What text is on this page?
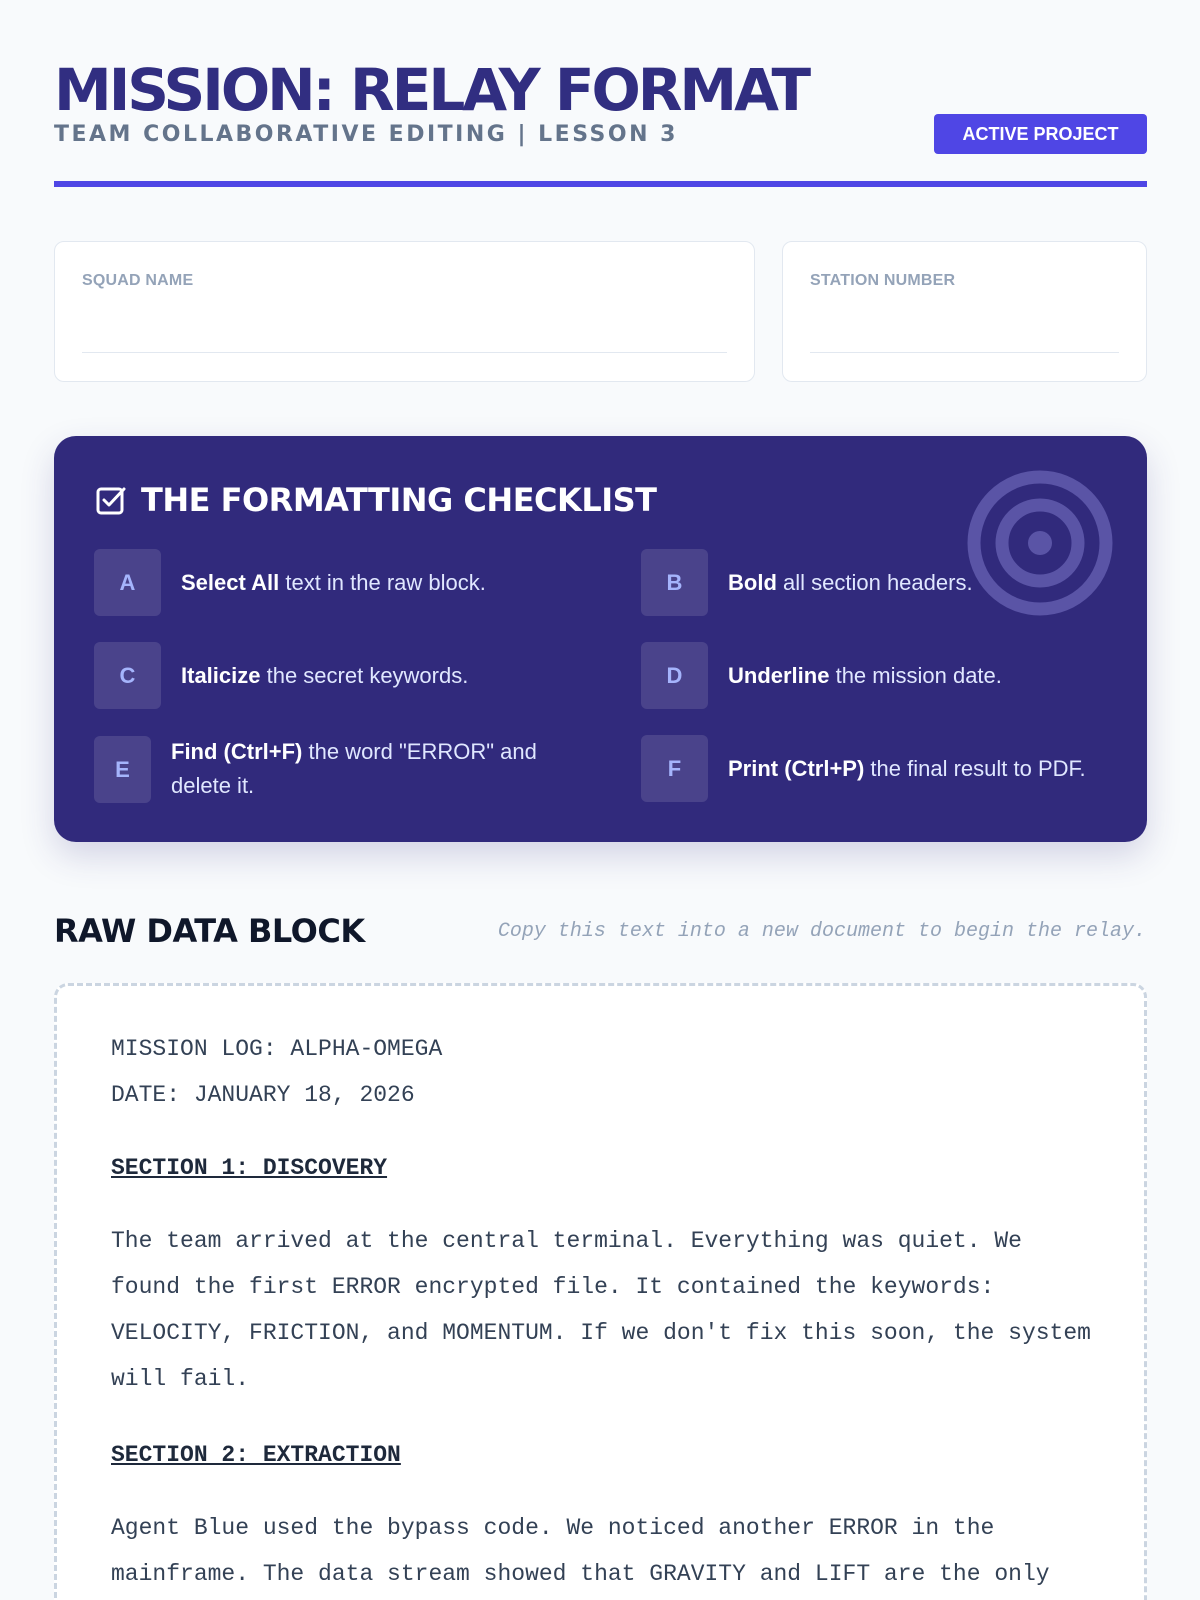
MISSION: RELAY FORMAT
TEAM COLLABORATIVE EDITING | LESSON 3	ACTIVE PROJECT
SQUAD NAME	STATION NUMBER
THE FORMATTING CHECKLIST
A	Select All text in the raw block.	B	Bold all section headers.
C	Italicize the secret keywords.	D	Underline the mission date.
E
Find (Ctrl+F) the word "ERROR" and delete it.
F	Print (Ctrl+P) the final result to PDF.
RAW DATA BLOCK	Copy this text into a new document to begin the relay.
MISSION LOG: ALPHA-OMEGA
DATE: JANUARY 18, 2026
SECTION 1: DISCOVERY
The team arrived at the central terminal. Everything was quiet. We found the first ERROR encrypted file. It contained the keywords: VELOCITY, FRICTION, and MOMENTUM. If we don't fix this soon, the system will fail.
SECTION 2: EXTRACTION
Agent Blue used the bypass code. We noticed another ERROR in the mainframe. The data stream showed that GRAVITY and LIFT are the only
